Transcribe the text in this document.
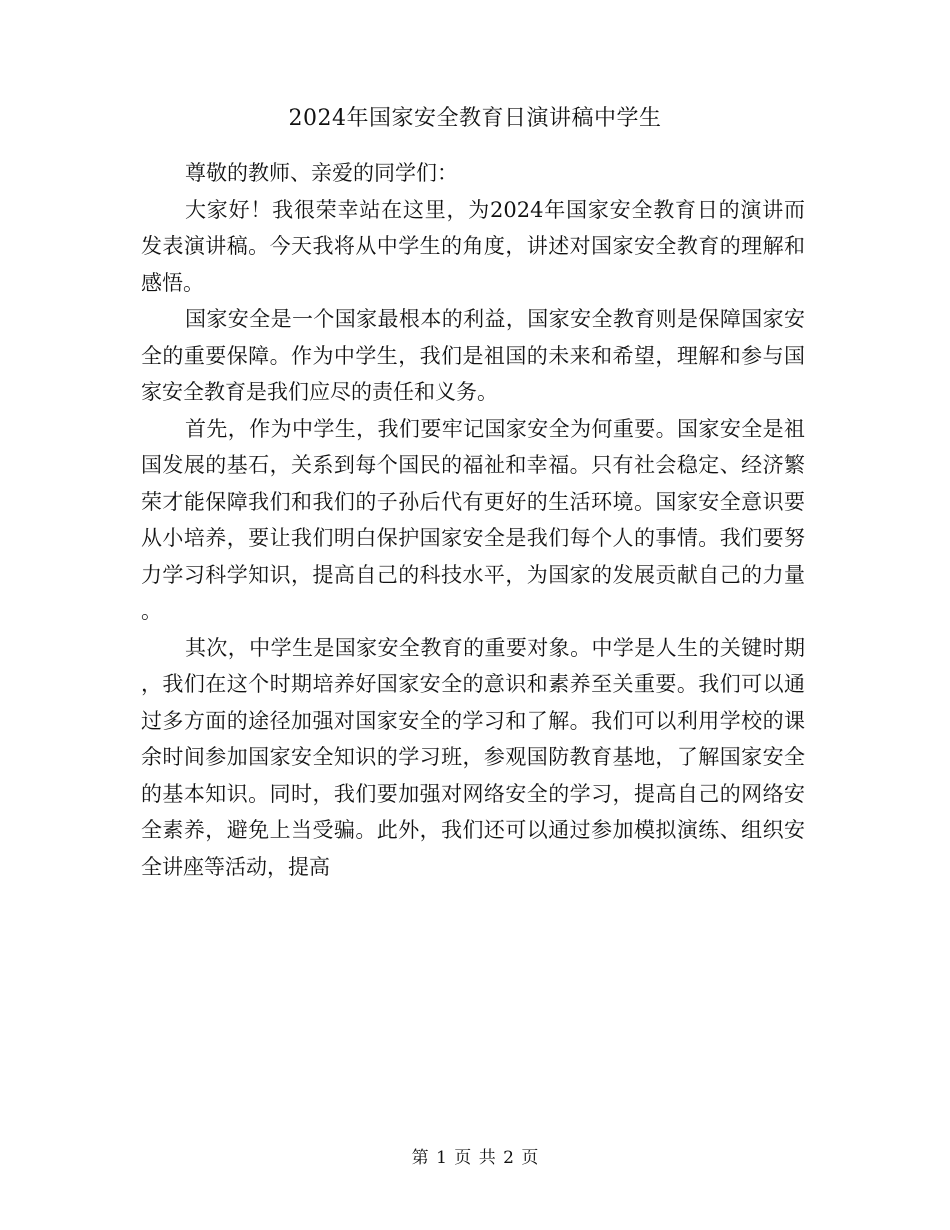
2024年国家安全教育日演讲稿中学生

尊敬的教师、亲爱的同学们：

大家好！我很荣幸站在这里，为2024年国家安全教育日的演讲而发表演讲稿。今天我将从中学生的角度，讲述对国家安全教育的理解和感悟。

国家安全是一个国家最根本的利益，国家安全教育则是保障国家安全的重要保障。作为中学生，我们是祖国的未来和希望，理解和参与国家安全教育是我们应尽的责任和义务。

首先，作为中学生，我们要牢记国家安全为何重要。国家安全是祖国发展的基石，关系到每个国民的福祉和幸福。只有社会稳定、经济繁荣才能保障我们和我们的子孙后代有更好的生活环境。国家安全意识要从小培养，要让我们明白保护国家安全是我们每个人的事情。我们要努力学习科学知识，提高自己的科技水平，为国家的发展贡献自己的力量。

其次，中学生是国家安全教育的重要对象。中学是人生的关键时期，我们在这个时期培养好国家安全的意识和素养至关重要。我们可以通过多方面的途径加强对国家安全的学习和了解。我们可以利用学校的课余时间参加国家安全知识的学习班，参观国防教育基地，了解国家安全的基本知识。同时，我们要加强对网络安全的学习，提高自己的网络安全素养，避免上当受骗。此外，我们还可以通过参加模拟演练、组织安全讲座等活动，提高

第 1 页 共 2 页
